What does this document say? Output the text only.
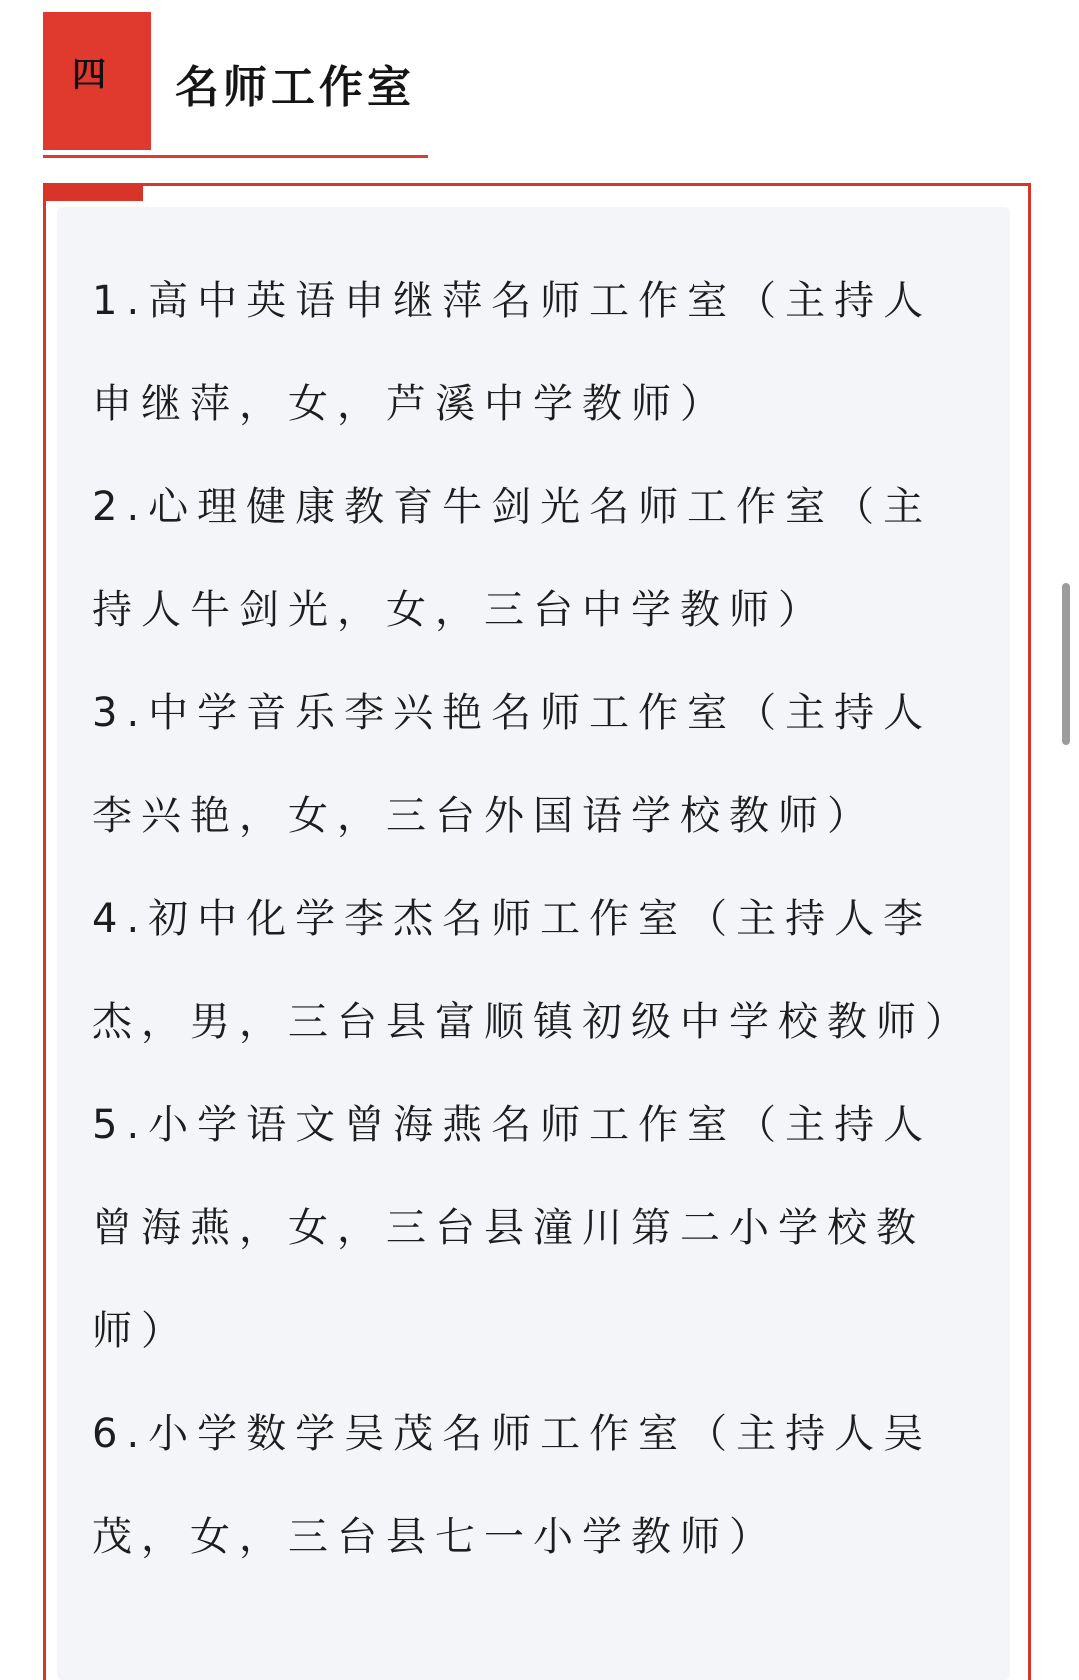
四 名师工作室
1.高中英语申继萍名师工作室（主持人申继萍，女，芦溪中学教师）
2.心理健康教育牛剑光名师工作室（主持人牛剑光，女，三台中学教师）
3.中学音乐李兴艳名师工作室（主持人李兴艳，女，三台外国语学校教师）
4.初中化学李杰名师工作室（主持人李杰，男，三台县富顺镇初级中学校教师）
5.小学语文曾海燕名师工作室（主持人曾海燕，女，三台县潼川第二小学校教师）
6.小学数学吴茂名师工作室（主持人吴茂，女，三台县七一小学教师）
